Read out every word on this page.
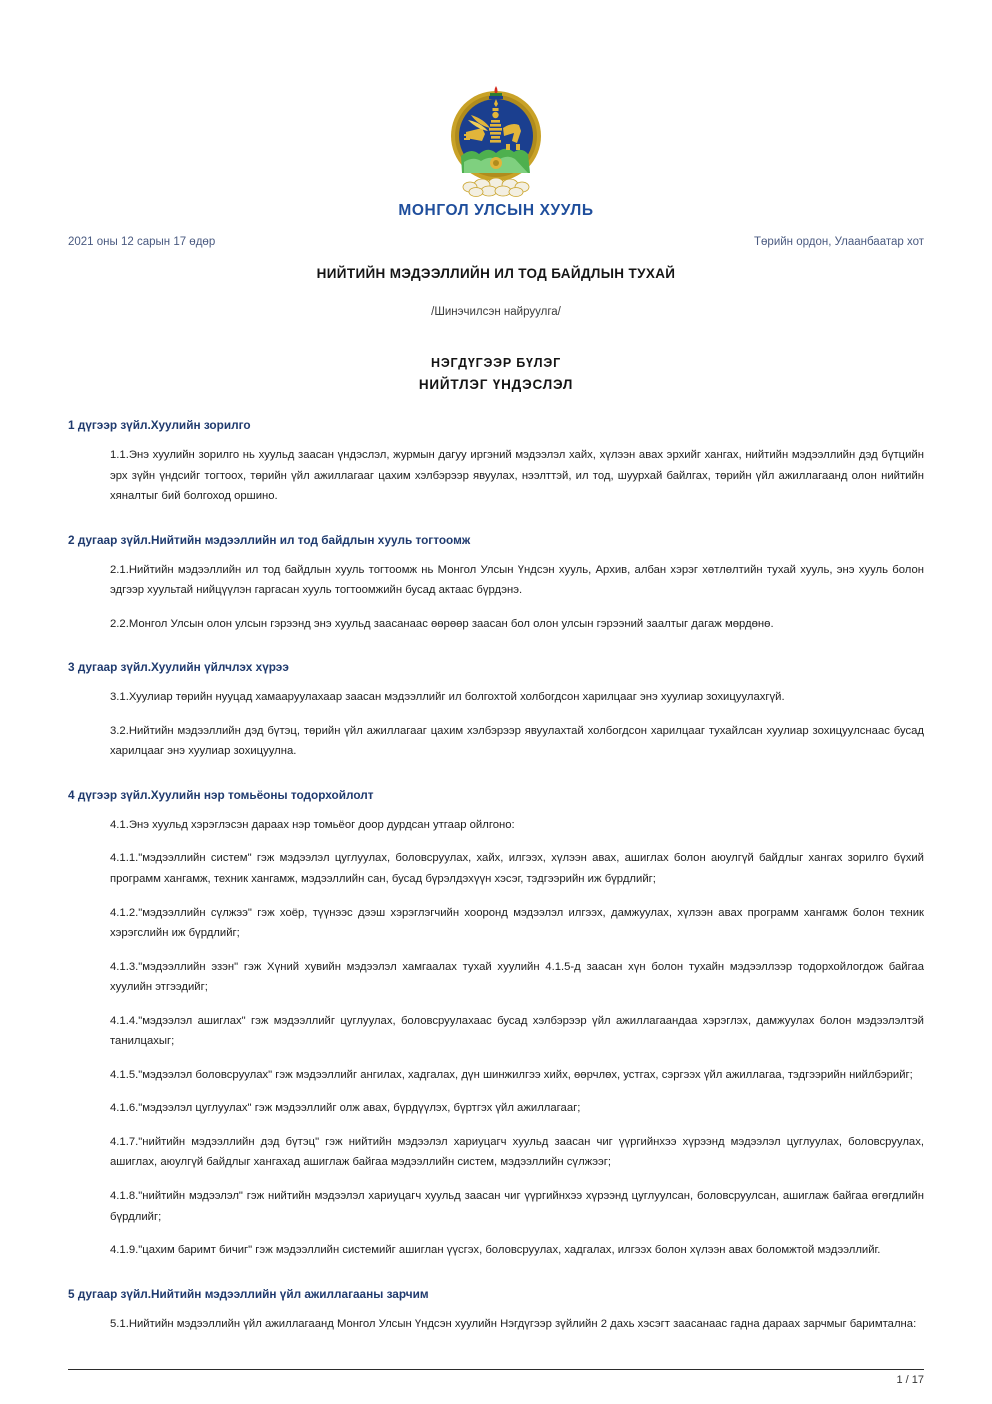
МОНГОЛ УЛСЫН ХУУЛЬ
2021 оны 12 сарын 17 өдөр	Төрийн ордон, Улаанбаатар хот
НИЙТИЙН МЭДЭЭЛЛИЙН ИЛ ТОД БАЙДЛЫН ТУХАЙ
/Шинэчилсэн найруулга/
НЭГДҮГЭЭР БҮЛЭГ
НИЙТЛЭГ ҮНДЭСЛЭЛ
1 дүгээр зүйл.Хуулийн зорилго

1.1.Энэ хуулийн зорилго нь хуульд заасан үндэслэл, журмын дагуу иргэний мэдээлэл хайх, хүлээн авах эрхийг хангах, нийтийн мэдээллийн дэд бүтцийн эрх зүйн үндсийг тогтоох, төрийн үйл ажиллагааг цахим хэлбэрээр явуулах, нээлттэй, ил тод, шуурхай байлгах, төрийн үйл ажиллагаанд олон нийтийн хяналтыг бий болгоход оршино.

2 дугаар зүйл.Нийтийн мэдээллийн ил тод байдлын хууль тогтоомж

2.1.Нийтийн мэдээллийн ил тод байдлын хууль тогтоомж нь Монгол Улсын Үндсэн хууль, Архив, албан хэрэг хөтлөлтийн тухай хууль, энэ хууль болон эдгээр хуультай нийцүүлэн гаргасан хууль тогтоомжийн бусад актаас бүрдэнэ.

2.2.Монгол Улсын олон улсын гэрээнд энэ хуульд заасанаас өөрөөр заасан бол олон улсын гэрээний заалтыг дагаж мөрдөнө.

3 дугаар зүйл.Хуулийн үйлчлэх хүрээ

3.1.Хуулиар төрийн нууцад хамааруулахаар заасан мэдээллийг ил болгохтой холбогдсон харилцааг энэ хуулиар зохицуулахгүй.

3.2.Нийтийн мэдээллийн дэд бүтэц, төрийн үйл ажиллагааг цахим хэлбэрээр явуулахтай холбогдсон харилцааг тухайлсан хуулиар зохицуулснаас бусад харилцааг энэ хуулиар зохицуулна.

4 дүгээр зүйл.Хуулийн нэр томьёоны тодорхойлолт

4.1.Энэ хуульд хэрэглэсэн дараах нэр томьёог доор дурдсан утгаар ойлгоно:

4.1.1."мэдээллийн систем" гэж мэдээлэл цуглуулах, боловсруулах, хайх, илгээх, хүлээн авах, ашиглах болон аюулгүй байдлыг хангах зорилго бүхий программ хангамж, техник хангамж, мэдээллийн сан, бусад бүрэлдэхүүн хэсэг, тэдгээрийн иж бүрдлийг;

4.1.2."мэдээллийн сүлжээ" гэж хоёр, түүнээс дээш хэрэглэгчийн хооронд мэдээлэл илгээх, дамжуулах, хүлээн авах программ хангамж болон техник хэрэгслийн иж бүрдлийг;

4.1.3."мэдээллийн эзэн" гэж Хүний хувийн мэдээлэл хамгаалах тухай хуулийн 4.1.5-д заасан хүн болон тухайн мэдээллээр тодорхойлогдож байгаа хуулийн этгээдийг;

4.1.4."мэдээлэл ашиглах" гэж мэдээллийг цуглуулах, боловсруулахаас бусад хэлбэрээр үйл ажиллагаандаа хэрэглэх, дамжуулах болон мэдээлэлтэй танилцахыг;

4.1.5."мэдээлэл боловсруулах" гэж мэдээллийг ангилах, хадгалах, дүн шинжилгээ хийх, өөрчлөх, устгах, сэргээх үйл ажиллагаа, тэдгээрийн нийлбэрийг;

4.1.6."мэдээлэл цуглуулах" гэж мэдээллийг олж авах, бүрдүүлэх, бүртгэх үйл ажиллагааг;

4.1.7."нийтийн мэдээллийн дэд бүтэц" гэж нийтийн мэдээлэл хариуцагч хуульд заасан чиг үүргийнхээ хүрээнд мэдээлэл цуглуулах, боловсруулах, ашиглах, аюулгүй байдлыг хангахад ашиглаж байгаа мэдээллийн систем, мэдээллийн сүлжээг;

4.1.8."нийтийн мэдээлэл" гэж нийтийн мэдээлэл хариуцагч хуульд заасан чиг үүргийнхээ хүрээнд цуглуулсан, боловсруулсан, ашиглаж байгаа өгөгдлийн бүрдлийг;

4.1.9."цахим баримт бичиг" гэж мэдээллийн системийг ашиглан үүсгэх, боловсруулах, хадгалах, илгээх болон хүлээн авах боломжтой мэдээллийг.

5 дугаар зүйл.Нийтийн мэдээллийн үйл ажиллагааны зарчим

5.1.Нийтийн мэдээллийн үйл ажиллагаанд Монгол Улсын Үндсэн хуулийн Нэгдүгээр зүйлийн 2 дахь хэсэгт заасанаас гадна дараах зарчмыг баримталнa:

1 / 17
